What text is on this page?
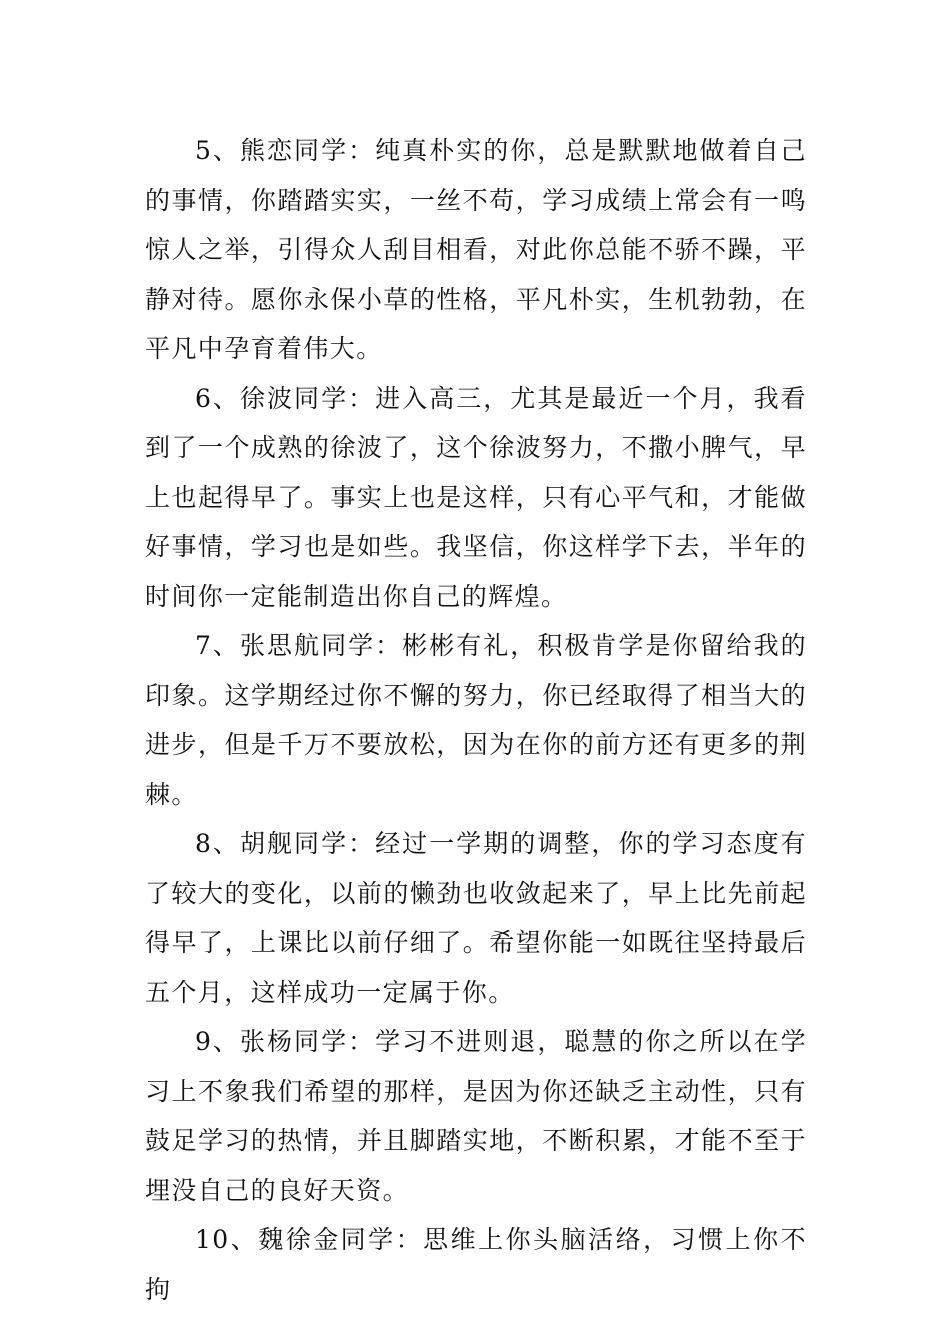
5、熊恋同学：纯真朴实的你，总是默默地做着自己的事情，你踏踏实实，一丝不苟，学习成绩上常会有一鸣惊人之举，引得众人刮目相看，对此你总能不骄不躁，平静对待。愿你永保小草的性格，平凡朴实，生机勃勃，在平凡中孕育着伟大。

6、徐波同学：进入高三，尤其是最近一个月，我看到了一个成熟的徐波了，这个徐波努力，不撒小脾气，早上也起得早了。事实上也是这样，只有心平气和，才能做好事情，学习也是如些。我坚信，你这样学下去，半年的时间你一定能制造出你自己的辉煌。

7、张思航同学：彬彬有礼，积极肯学是你留给我的印象。这学期经过你不懈的努力，你已经取得了相当大的进步，但是千万不要放松，因为在你的前方还有更多的荆棘。

8、胡舰同学：经过一学期的调整，你的学习态度有了较大的变化，以前的懒劲也收敛起来了，早上比先前起得早了，上课比以前仔细了。希望你能一如既往坚持最后五个月，这样成功一定属于你。

9、张杨同学：学习不进则退，聪慧的你之所以在学习上不象我们希望的那样，是因为你还缺乏主动性，只有鼓足学习的热情，并且脚踏实地，不断积累，才能不至于埋没自己的良好天资。

10、魏徐金同学：思维上你头脑活络，习惯上你不拘
